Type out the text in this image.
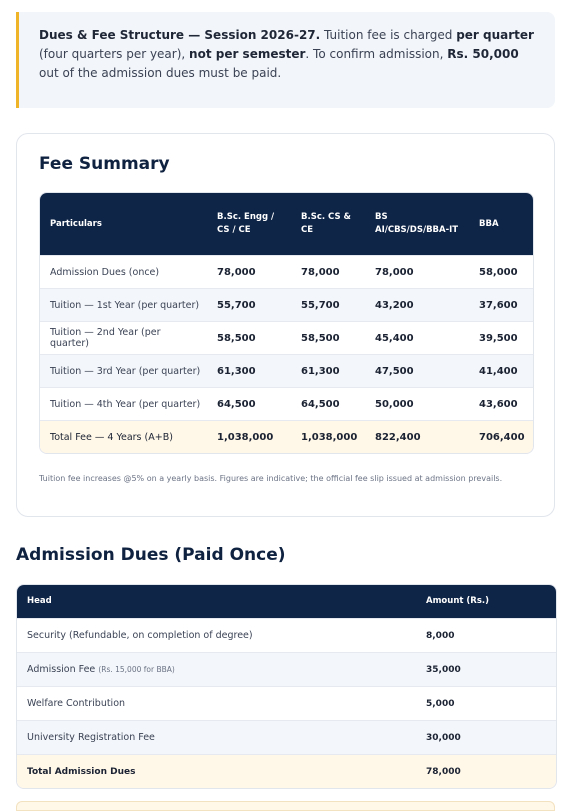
Dues & Fee Structure — Session 2026-27. Tuition fee is charged per quarter (four quarters per year), not per semester. To confirm admission, Rs. 50,000 out of the admission dues must be paid.
Fee Summary
Particulars	B.Sc. Engg / CS / CE	B.Sc. CS & CE	BS AI/CBS/DS/BBA-IT	BBA
Admission Dues (once)	78,000	78,000	78,000	58,000
Tuition — 1st Year (per quarter)	55,700	55,700	43,200	37,600
Tuition — 2nd Year (per quarter)	58,500	58,500	45,400	39,500
Tuition — 3rd Year (per quarter)	61,300	61,300	47,500	41,400
Tuition — 4th Year (per quarter)	64,500	64,500	50,000	43,600
Total Fee — 4 Years (A+B)	1,038,000	1,038,000	822,400	706,400
Tuition fee increases @5% on a yearly basis. Figures are indicative; the official fee slip issued at admission prevails.
Admission Dues (Paid Once)
Head	Amount (Rs.)
Security (Refundable, on completion of degree)	8,000
Admission Fee (Rs. 15,000 for BBA)	35,000
Welfare Contribution	5,000
University Registration Fee	30,000
Total Admission Dues	78,000
